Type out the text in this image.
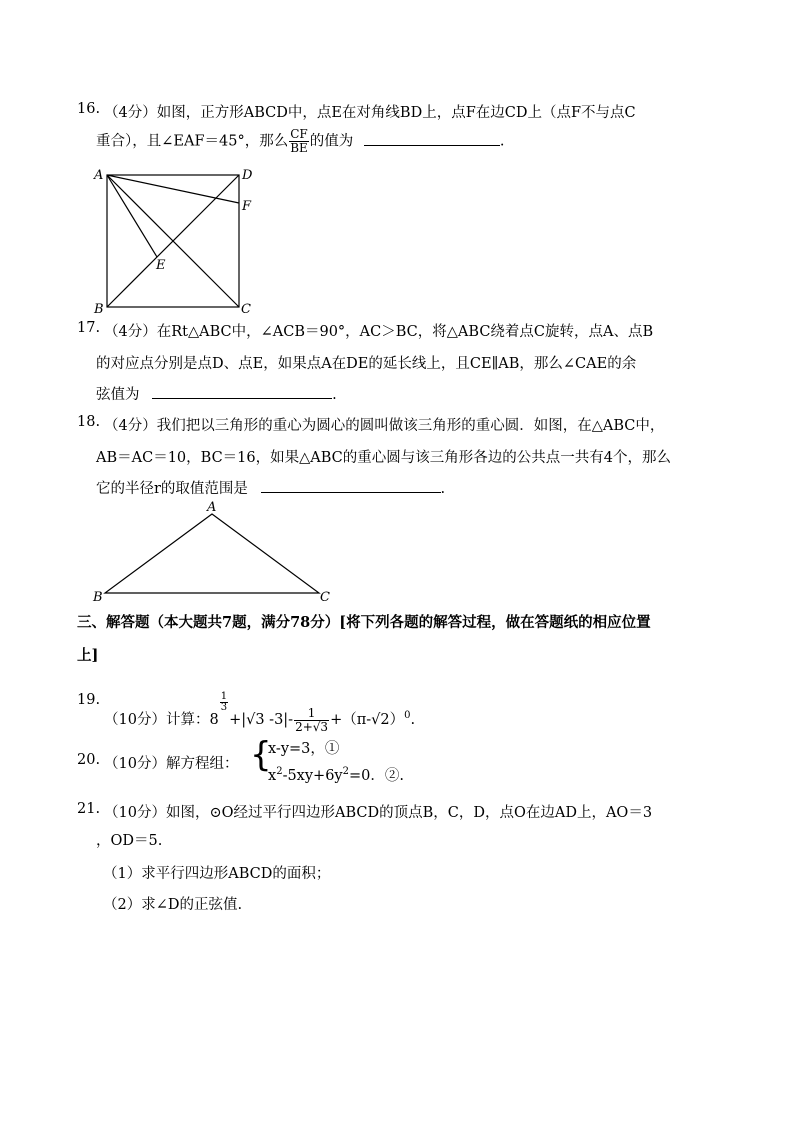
16. （4分）如图，正方形ABCD中，点E在对角线BD上，点F在边CD上（点F不与点C
重合），且∠EAF＝45°，那么 $\frac{CF}{BE}$ 的值为	.
A	D
F
E
B	C
17. （4分）在Rt△ABC中，∠ACB＝90°，AC＞BC，将△ABC绕着点C旋转，点A、点B
的对应点分别是点D、点E，如果点A在DE的延长线上，且CE∥AB，那么∠CAE的余
弦值为	.
18. （4分）我们把以三角形的重心为圆心的圆叫做该三角形的重心圆．如图，在△ABC中，
AB＝AC＝10，BC＝16，如果△ABC的重心圆与该三角形各边的公共点一共有4个，那么
它的半径r的取值范围是	.
A
B	C
三、解答题（本大题共7题，满分78分）[将下列各题的解答过程，做在答题纸的相应位置
上]
19.
（10分）计算：8
$\frac{1}{3}$
+|√3 $-3|- \frac{1}{2+√3} +(\pi-√2)^0$.
20. （10分）解方程组： {
x-y=3，①
$x^2-5xy+6y^2=0$．②.
21. （10分）如图，⊙O经过平行四边形ABCD的顶点B，C，D，点O在边AD上，AO＝3
，OD＝5.
（1）求平行四边形ABCD的面积；
（2）求∠D的正弦值.
